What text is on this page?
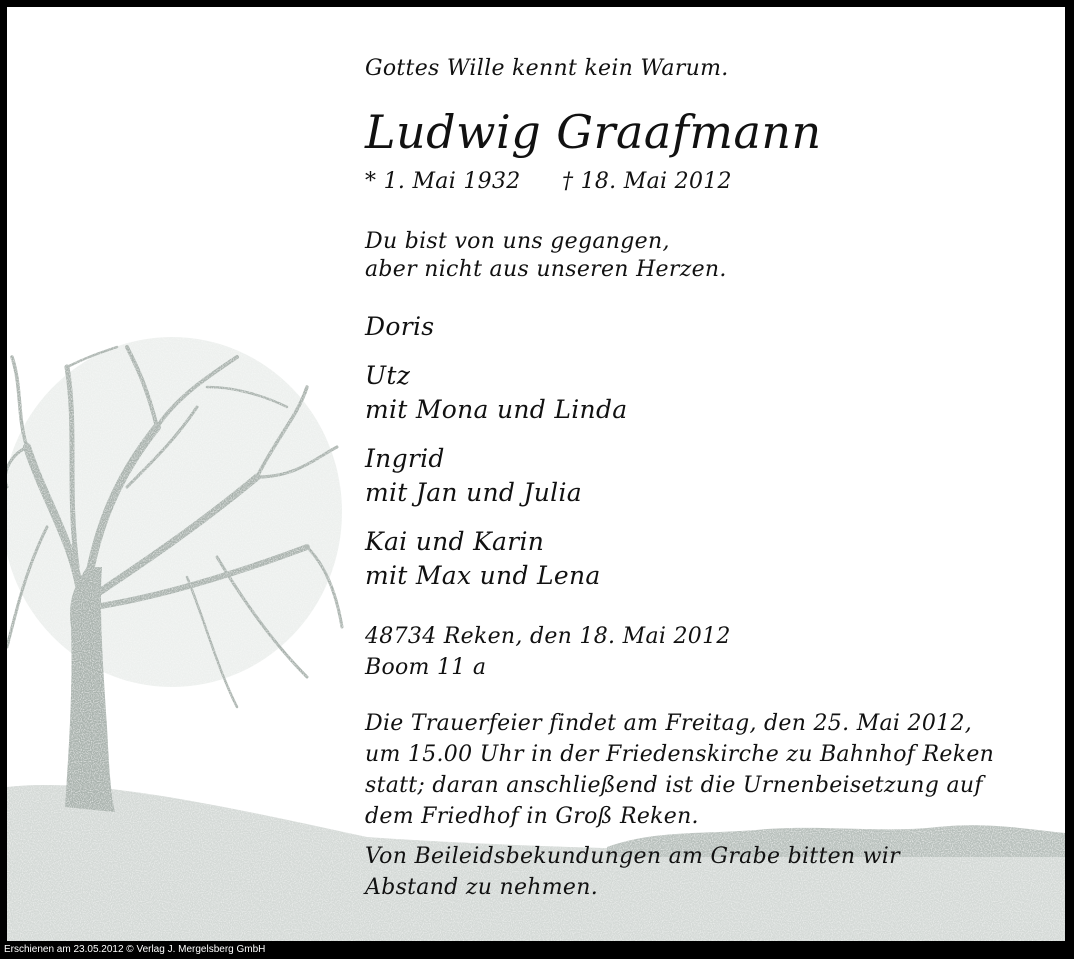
Gottes Wille kennt kein Warum.
Ludwig Graafmann
* 1. Mai 1932 † 18. Mai 2012
Du bist von uns gegangen,
aber nicht aus unseren Herzen.
Doris
Utz
mit Mona und Linda
Ingrid
mit Jan und Julia
Kai und Karin
mit Max und Lena
48734 Reken, den 18. Mai 2012
Boom 11 a
Die Trauerfeier findet am Freitag, den 25. Mai 2012,
um 15.00 Uhr in der Friedenskirche zu Bahnhof Reken
statt; daran anschließend ist die Urnenbeisetzung auf
dem Friedhof in Groß Reken.
Von Beileidsbekundungen am Grabe bitten wir
Abstand zu nehmen.
Erschienen am 23.05.2012 © Verlag J. Mergelsberg GmbH
